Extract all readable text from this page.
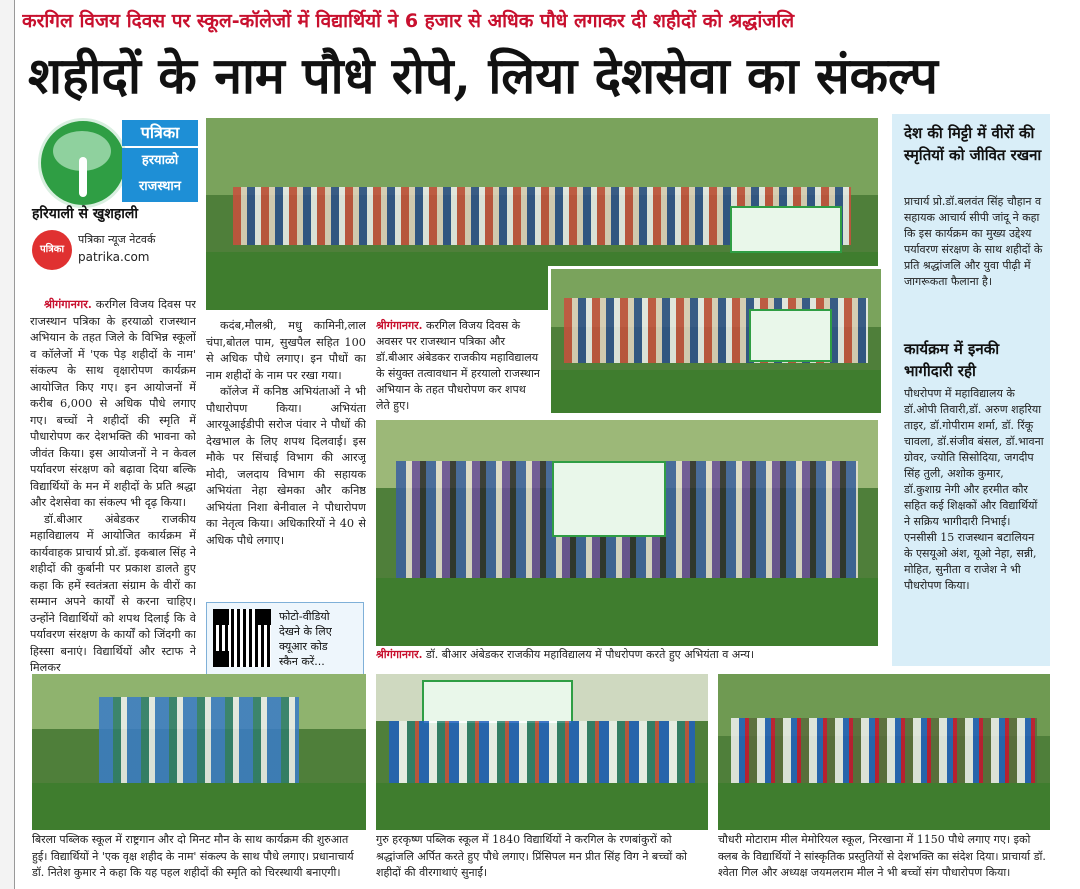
करगिल विजय दिवस पर स्कूल-कॉलेजों में विद्यार्थियों ने 6 हजार से अधिक पौधे लगाकर दी शहीदों को श्रद्धांजलि
शहीदों के नाम पौधे रोपे, लिया देशसेवा का संकल्प
पत्रिका
हरयाळो
राजस्थान
हरियाली से खुशहाली
पत्रिका
पत्रिका न्यूज नेटवर्क
patrika.com

श्रीगंगानगर. करगिल विजय दिवस पर राजस्थान पत्रिका के हरयाळो राजस्थान अभियान के तहत जिले के विभिन्न स्कूलों व कॉलेजों में 'एक पेड़ शहीदों के नाम' संकल्प के साथ वृक्षारोपण कार्यक्रम आयोजित किए गए। इन आयोजनों में करीब 6,000 से अधिक पौधे लगाए गए। बच्चों ने शहीदों की स्मृति में पौधारोपण कर देशभक्ति की भावना को जीवंत किया। इस आयोजनों ने न केवल पर्यावरण संरक्षण को बढ़ावा दिया बल्कि विद्यार्थियों के मन में शहीदों के प्रति श्रद्धा और देशसेवा का संकल्प भी दृढ़ किया।

डॉ.बीआर अंबेडकर राजकीय महाविद्यालय में आयोजित कार्यक्रम में कार्यवाहक प्राचार्य प्रो.डॉ. इकबाल सिंह ने शहीदों की कुर्बानी पर प्रकाश डालते हुए कहा कि हमें स्वतंत्रता संग्राम के वीरों का सम्मान अपने कार्यों से करना चाहिए। उन्होंने विद्यार्थियों को शपथ दिलाई कि वे पर्यावरण संरक्षण के कार्यों को जिंदगी का हिस्सा बनाएं। विद्यार्थियों और स्टाफ ने मिलकर

कदंब,मौलश्री, मधु कामिनी,लाल चंपा,बोतल पाम, सुखपैल सहित 100 से अधिक पौधे लगाए। इन पौधों का नाम शहीदों के नाम पर रखा गया।

कॉलेज में कनिष्ठ अभियंताओं ने भी पौधारोपण किया। अभियंता आरयूआईडीपी सरोज पंवार ने पौधों की देखभाल के लिए शपथ दिलवाई। इस मौके पर सिंचाई विभाग की आरजू मोदी, जलदाय विभाग की सहायक अभियंता नेहा खेमका और कनिष्ठ अभियंता निशा बेनीवाल ने पौधारोपण का नेतृत्व किया। अधिकारियों ने 40 से अधिक पौधे लगाए।

श्रीगंगानगर. करगिल विजय दिवस के अवसर पर राजस्थान पत्रिका और डॉ.बीआर अंबेडकर राजकीय महाविद्यालय के संयुक्त तत्वावधान में हरयालो राजस्थान अभियान के तहत पौधरोपण कर शपथ लेते हुए।
फोटो-वीडियो
देखने के लिए
क्यूआर कोड
स्कैन करें...
श्रीगंगानगर. डॉ. बीआर अंबेडकर राजकीय महाविद्यालय में पौधरोपण करते हुए अभियंता व अन्य।
देश की मिट्टी में वीरों की स्मृतियों को जीवित रखना
प्राचार्य प्रो.डॉ.बलवंत सिंह चौहान व सहायक आचार्य सीपी जांदू ने कहा कि इस कार्यक्रम का मुख्य उद्देश्य पर्यावरण संरक्षण के साथ शहीदों के प्रति श्रद्धांजलि और युवा पीढ़ी में जागरूकता फैलाना है।
कार्यक्रम में इनकी भागीदारी रही
पौधरोपण में महाविद्यालय के डॉ.ओपी तिवारी,डॉ. अरुण शहरिया ताइर, डॉ.गोपीराम शर्मा, डॉ. रिंकू चावला, डॉ.संजीव बंसल, डॉ.भावना ग्रोवर, ज्योति सिसोदिया, जगदीप सिंह तुली, अशोक कुमार, डॉ.कुशाग्र नेगी और हरमीत कौर सहित कई शिक्षकों और विद्यार्थियों ने सक्रिय भागीदारी निभाई। एनसीसी 15 राजस्थान बटालियन के एसयूओ अंश, यूओ नेहा, सन्नी, मोहित, सुनीता व राजेश ने भी पौधरोपण किया।
बिरला पब्लिक स्कूल में राष्ट्रगान और दो मिनट मौन के साथ कार्यक्रम की शुरुआत हुई। विद्यार्थियों ने 'एक वृक्ष शहीद के नाम' संकल्प के साथ पौधे लगाए। प्रधानाचार्य डॉ. नितेश कुमार ने कहा कि यह पहल शहीदों की स्मृति को चिरस्थायी बनाएगी।
गुरु हरकृष्ण पब्लिक स्कूल में 1840 विद्यार्थियों ने करगिल के रणबांकुरों को श्रद्धांजलि अर्पित करते हुए पौधे लगाए। प्रिंसिपल मन प्रीत सिंह विग ने बच्चों को शहीदों की वीरगाथाएं सुनाईं।
चौधरी मोटाराम मील मेमोरियल स्कूल, निरखाना में 1150 पौधे लगाए गए। इको क्लब के विद्यार्थियों ने सांस्कृतिक प्रस्तुतियों से देशभक्ति का संदेश दिया। प्राचार्या डॉ. श्वेता गिल और अध्यक्ष जयमलराम मील ने भी बच्चों संग पौधारोपण किया।
